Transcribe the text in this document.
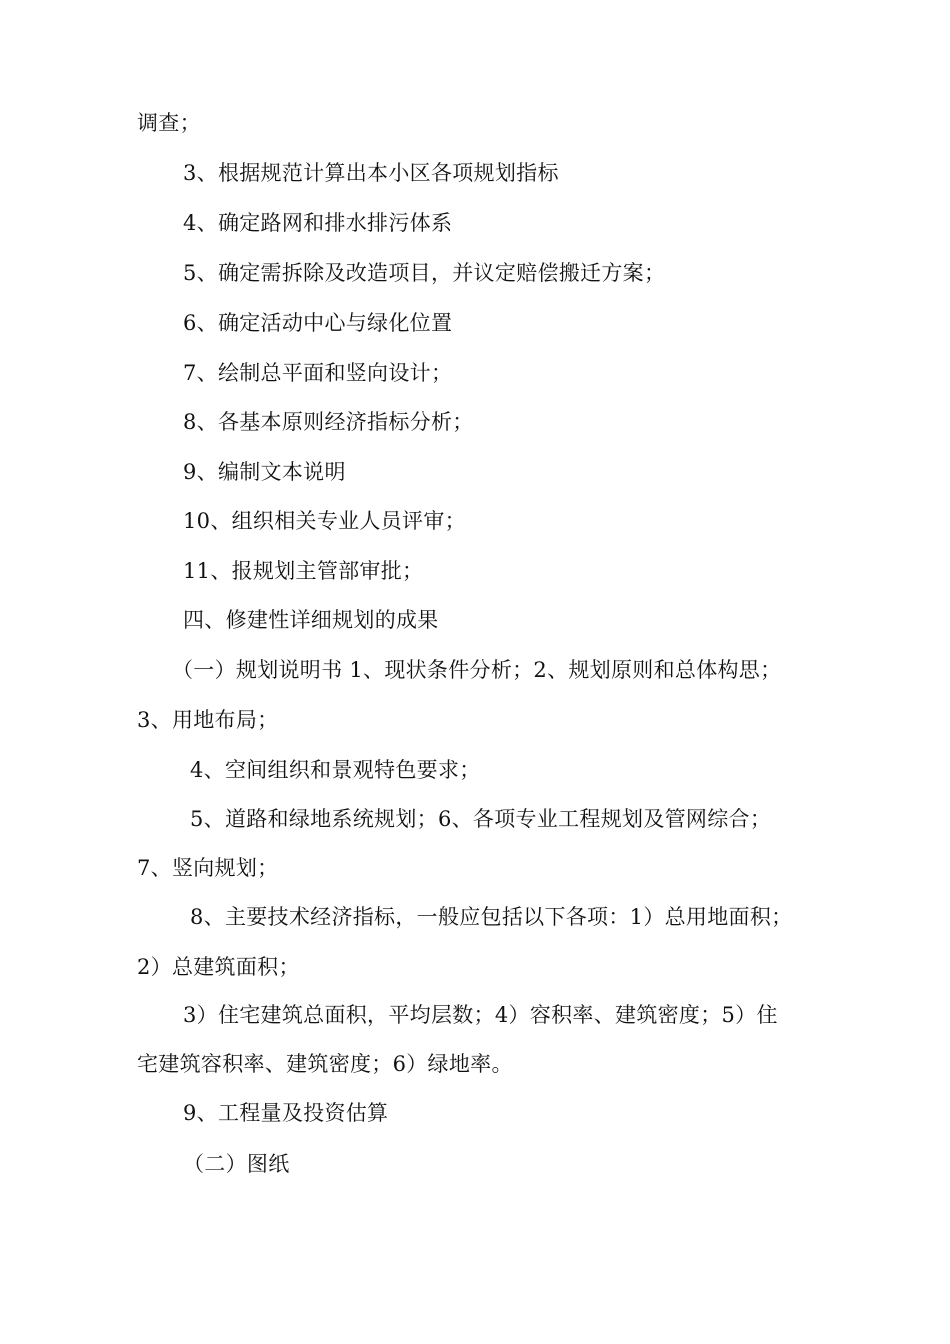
调查；

3、根据规范计算出本小区各项规划指标

4、确定路网和排水排污体系

5、确定需拆除及改造项目，并议定赔偿搬迁方案；

6、确定活动中心与绿化位置

7、绘制总平面和竖向设计；

8、各基本原则经济指标分析；

9、编制文本说明

10、组织相关专业人员评审；

11、报规划主管部审批；

四、修建性详细规划的成果

（一）规划说明书 1、现状条件分析；2、规划原则和总体构思；

3、用地布局；

4、空间组织和景观特色要求；

5、道路和绿地系统规划；6、各项专业工程规划及管网综合；

7、竖向规划；

8、主要技术经济指标，一般应包括以下各项：1）总用地面积；

2）总建筑面积；

3）住宅建筑总面积，平均层数；4）容积率、建筑密度；5）住

宅建筑容积率、建筑密度；6）绿地率。

9、工程量及投资估算

（二）图纸
